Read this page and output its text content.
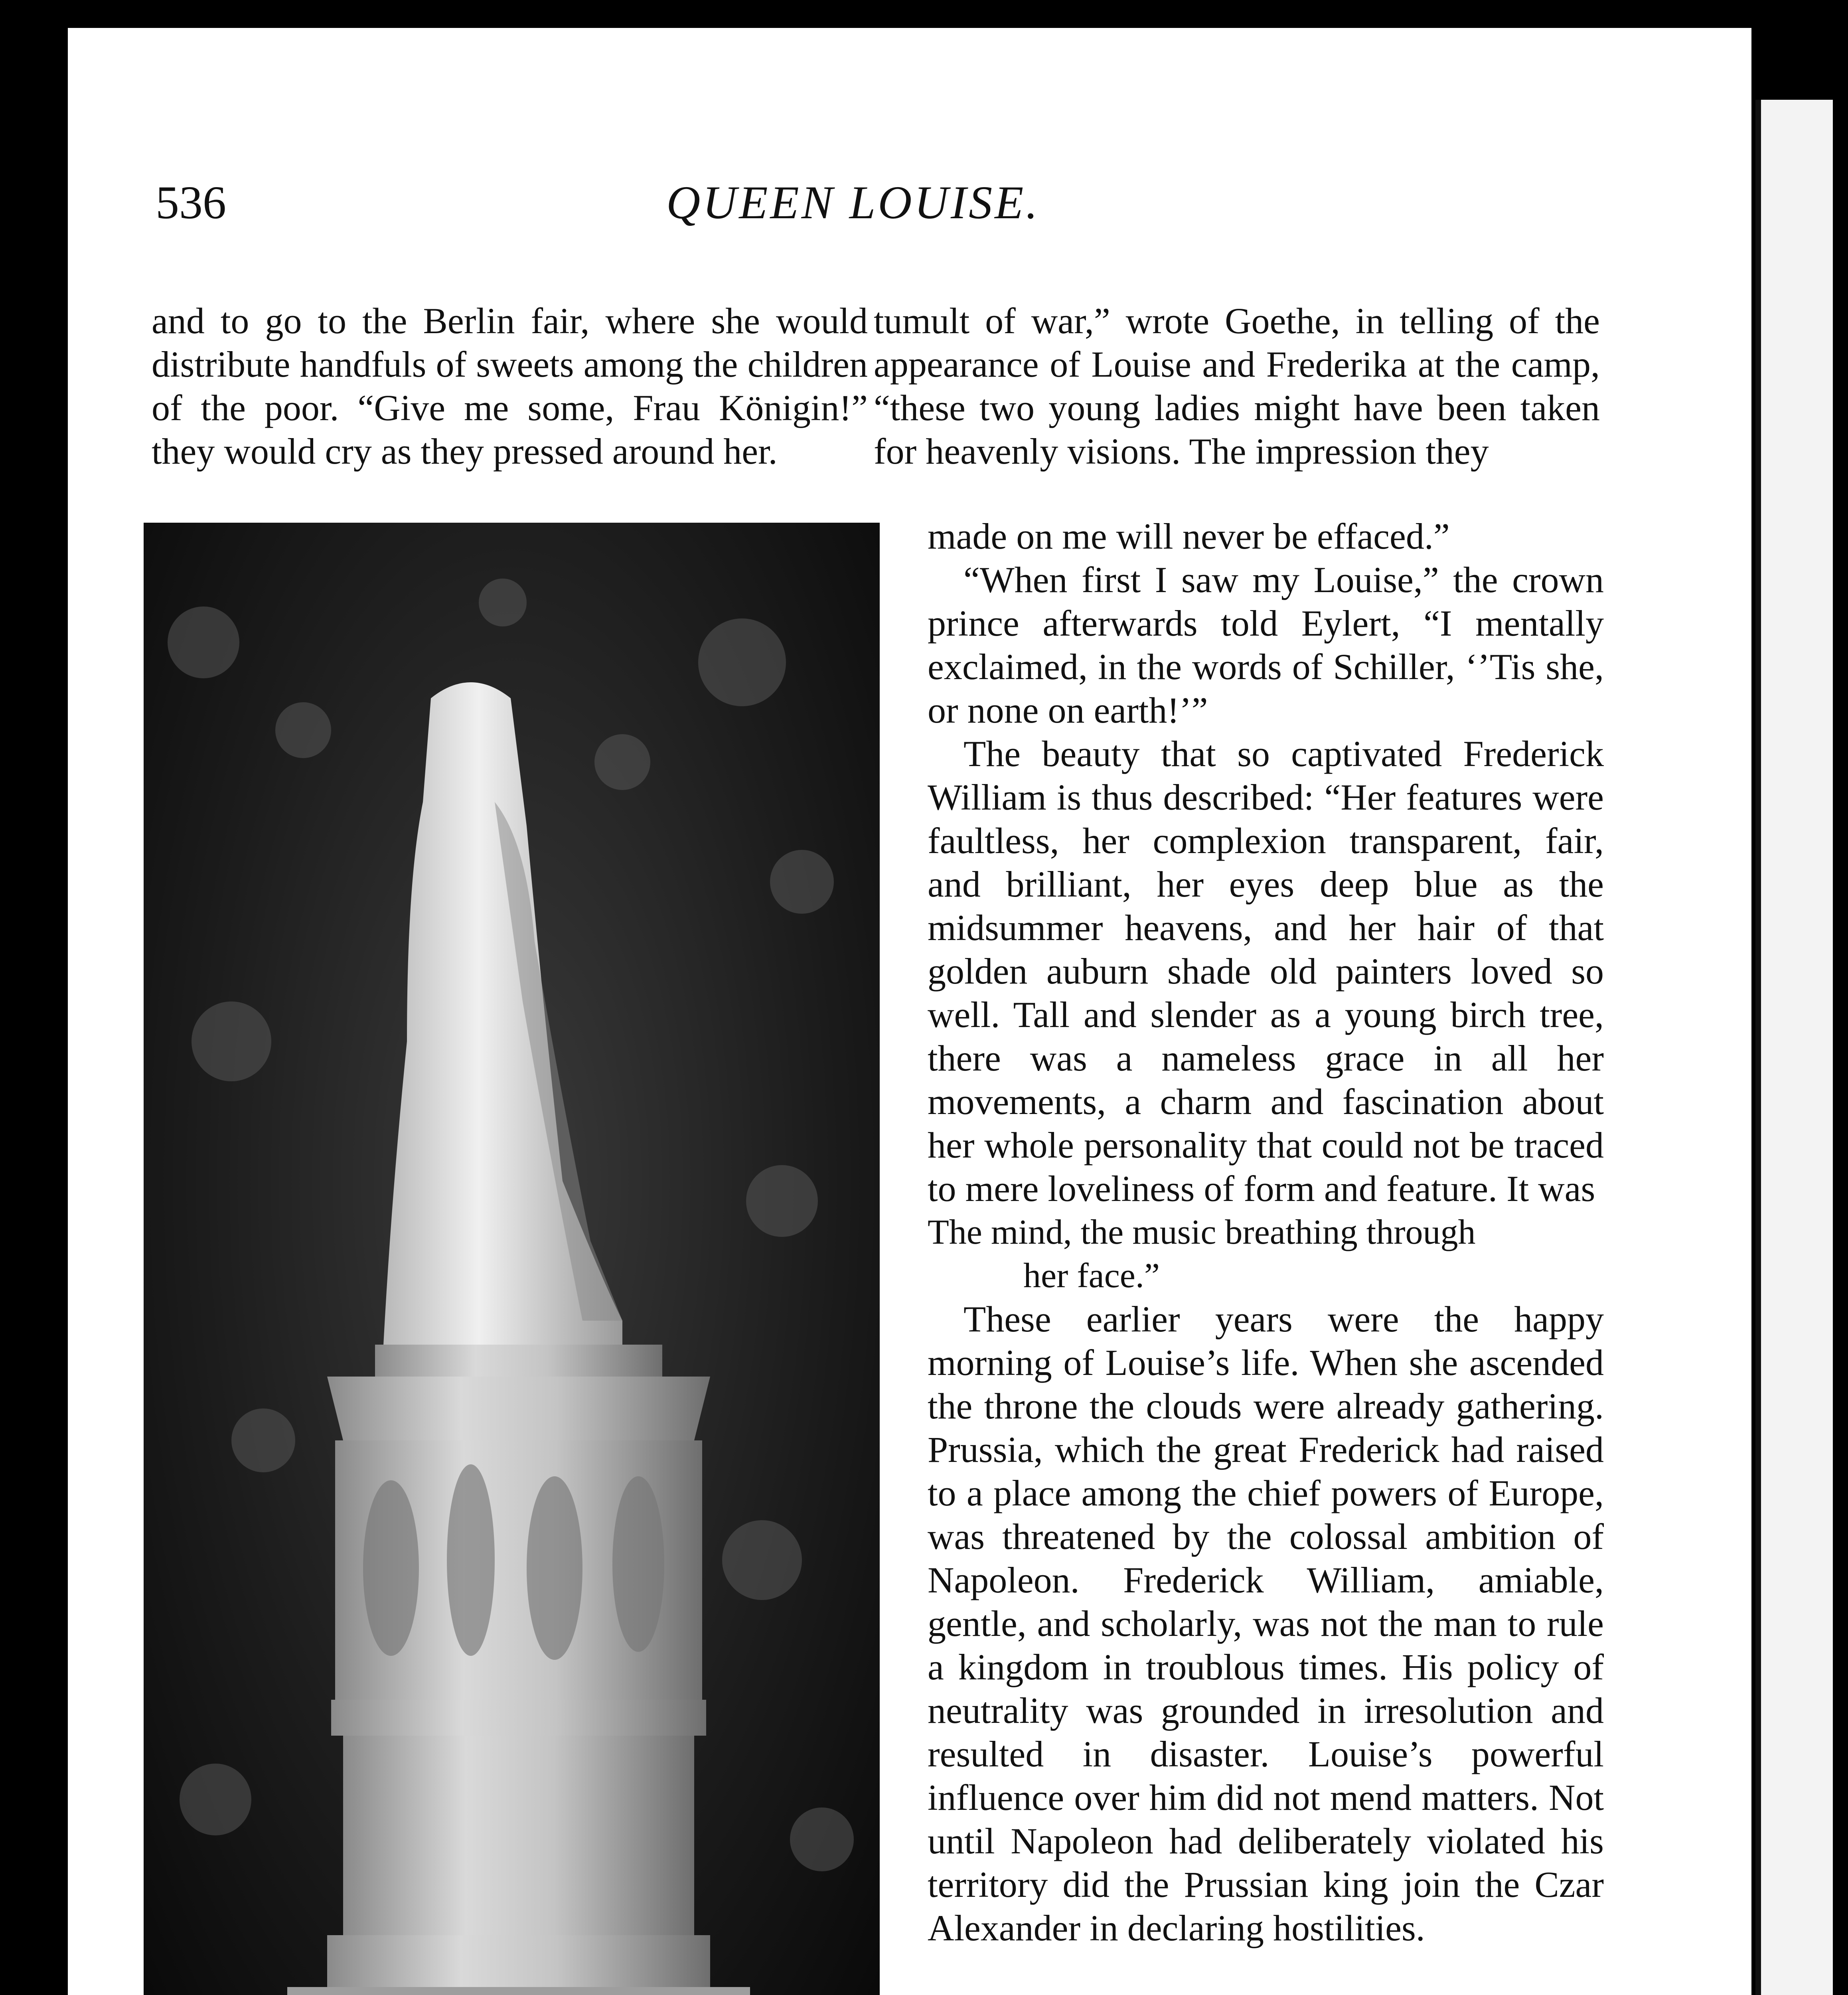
536	QUEEN LOUISE.

and to go to the Berlin fair, where she would distribute handfuls of sweets among the children of the poor. “Give me some, Frau Königin!” they would cry as they pressed around her.

tumult of war,” wrote Goethe, in telling of the appearance of Louise and Frederika at the camp, “these two young ladies might have been taken for heavenly visions. The impression they

made on me will never be effaced.”

“When first I saw my Louise,” the crown prince afterwards told Eylert, “I mentally exclaimed, in the words of Schiller, ‘’Tis she, or none on earth!’”

The beauty that so captivated Frederick William is thus described: “Her features were faultless, her complexion transparent, fair, and brilliant, her eyes deep blue as the midsummer heavens, and her hair of that golden auburn shade old painters loved so well. Tall and slender as a young birch tree, there was a nameless grace in all her movements, a charm and fascination about her whole personality that could not be traced to mere loveliness of form and feature. It was

The mind, the music breathing through
her face.”

These earlier years were the happy morning of Louise’s life. When she ascended the throne the clouds were already gathering. Prussia, which the great Frederick had raised to a place among the chief powers of Europe, was threatened by the colossal ambition of Napoleon. Frederick William, amiable, gentle, and scholarly, was not the man to rule a kingdom in troublous times. His policy of neutrality was grounded in irresolution and resulted in disaster. Louise’s powerful influence over him did not mend matters. Not until Napoleon had deliberately violated his territory did the Prussian king join the Czar Alexander in declaring hostilities.
